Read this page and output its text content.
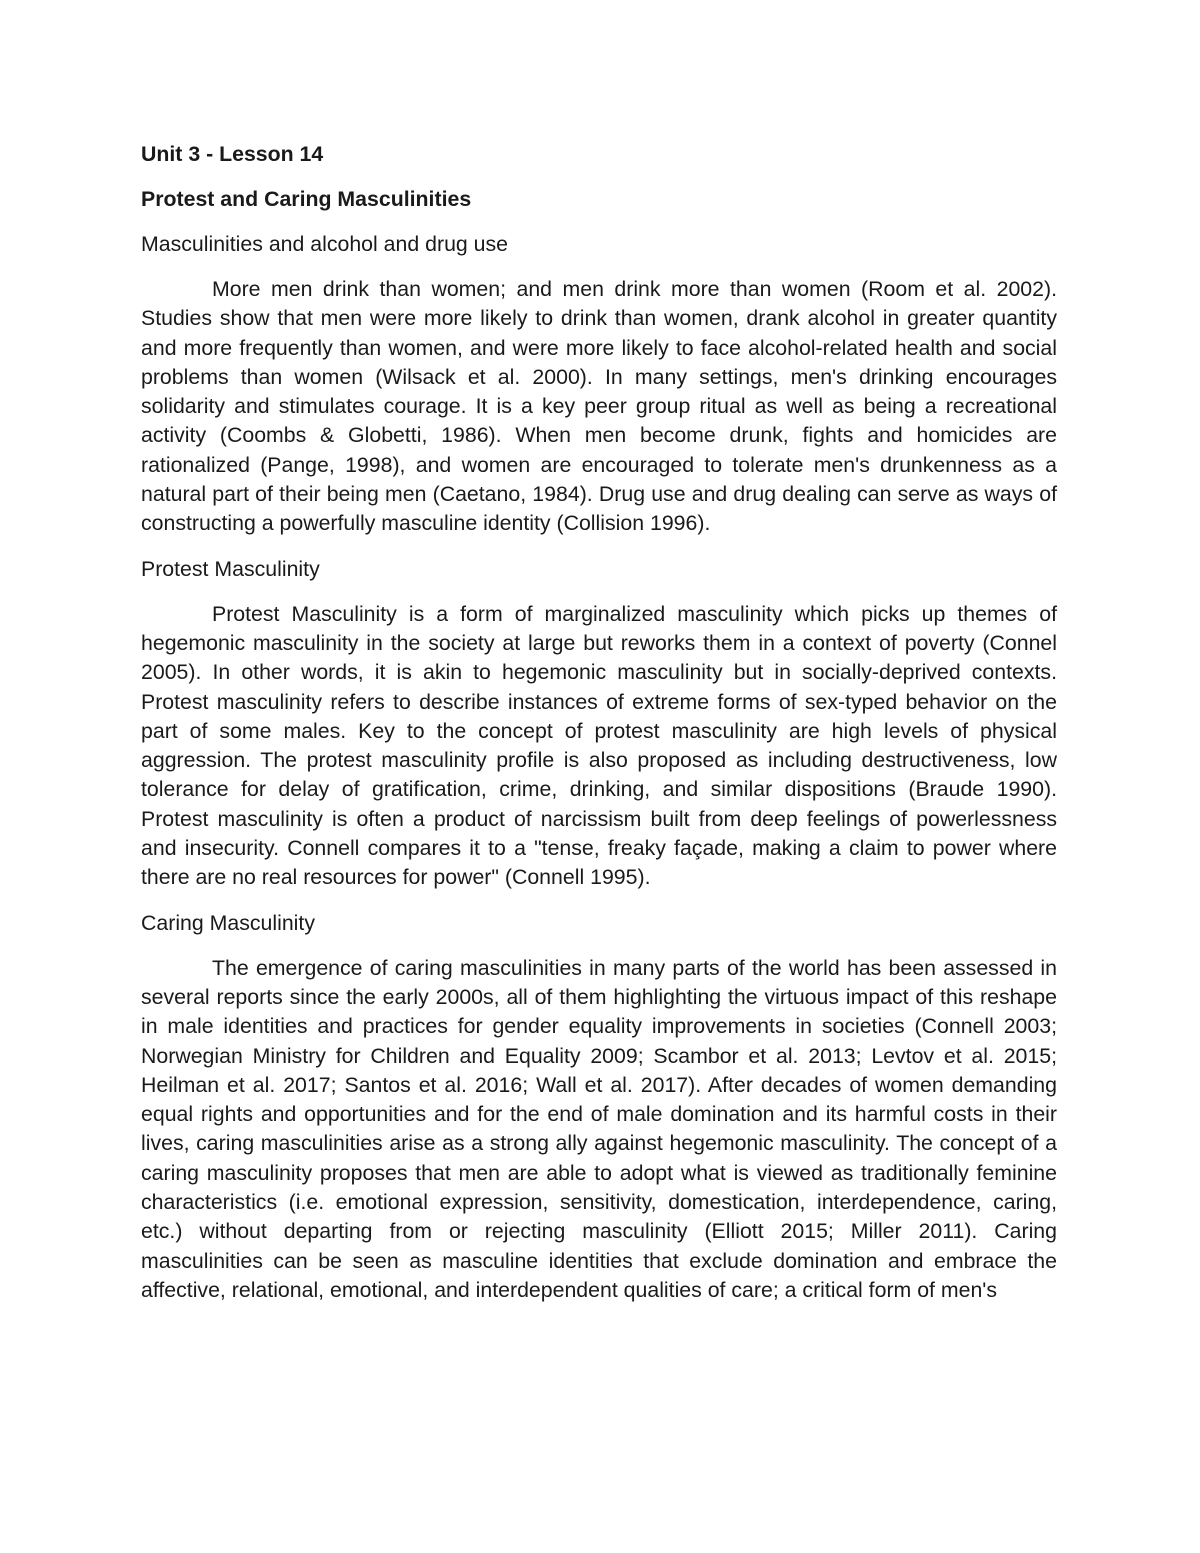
Unit 3 - Lesson 14
Protest and Caring Masculinities
Masculinities and alcohol and drug use

More men drink than women; and men drink more than women (Room et al. 2002). Studies show that men were more likely to drink than women, drank alcohol in greater quantity and more frequently than women, and were more likely to face alcohol-related health and social problems than women (Wilsack et al. 2000). In many settings, men's drinking encourages solidarity and stimulates courage. It is a key peer group ritual as well as being a recreational activity (Coombs & Globetti, 1986). When men become drunk, fights and homicides are rationalized (Pange, 1998), and women are encouraged to tolerate men's drunkenness as a natural part of their being men (Caetano, 1984). Drug use and drug dealing can serve as ways of constructing a powerfully masculine identity (Collision 1996).

Protest Masculinity

Protest Masculinity is a form of marginalized masculinity which picks up themes of hegemonic masculinity in the society at large but reworks them in a context of poverty (Connel 2005). In other words, it is akin to hegemonic masculinity but in socially-deprived contexts. Protest masculinity refers to describe instances of extreme forms of sex-typed behavior on the part of some males. Key to the concept of protest masculinity are high levels of physical aggression. The protest masculinity profile is also proposed as including destructiveness, low tolerance for delay of gratification, crime, drinking, and similar dispositions (Braude 1990). Protest masculinity is often a product of narcissism built from deep feelings of powerlessness and insecurity. Connell compares it to a "tense, freaky façade, making a claim to power where there are no real resources for power" (Connell 1995).

Caring Masculinity

The emergence of caring masculinities in many parts of the world has been assessed in several reports since the early 2000s, all of them highlighting the virtuous impact of this reshape in male identities and practices for gender equality improvements in societies (Connell 2003; Norwegian Ministry for Children and Equality 2009; Scambor et al. 2013; Levtov et al. 2015; Heilman et al. 2017; Santos et al. 2016; Wall et al. 2017). After decades of women demanding equal rights and opportunities and for the end of male domination and its harmful costs in their lives, caring masculinities arise as a strong ally against hegemonic masculinity. The concept of a caring masculinity proposes that men are able to adopt what is viewed as traditionally feminine characteristics (i.e. emotional expression, sensitivity, domestication, interdependence, caring, etc.) without departing from or rejecting masculinity (Elliott 2015; Miller 2011). Caring masculinities can be seen as masculine identities that exclude domination and embrace the affective, relational, emotional, and interdependent qualities of care; a critical form of men's
